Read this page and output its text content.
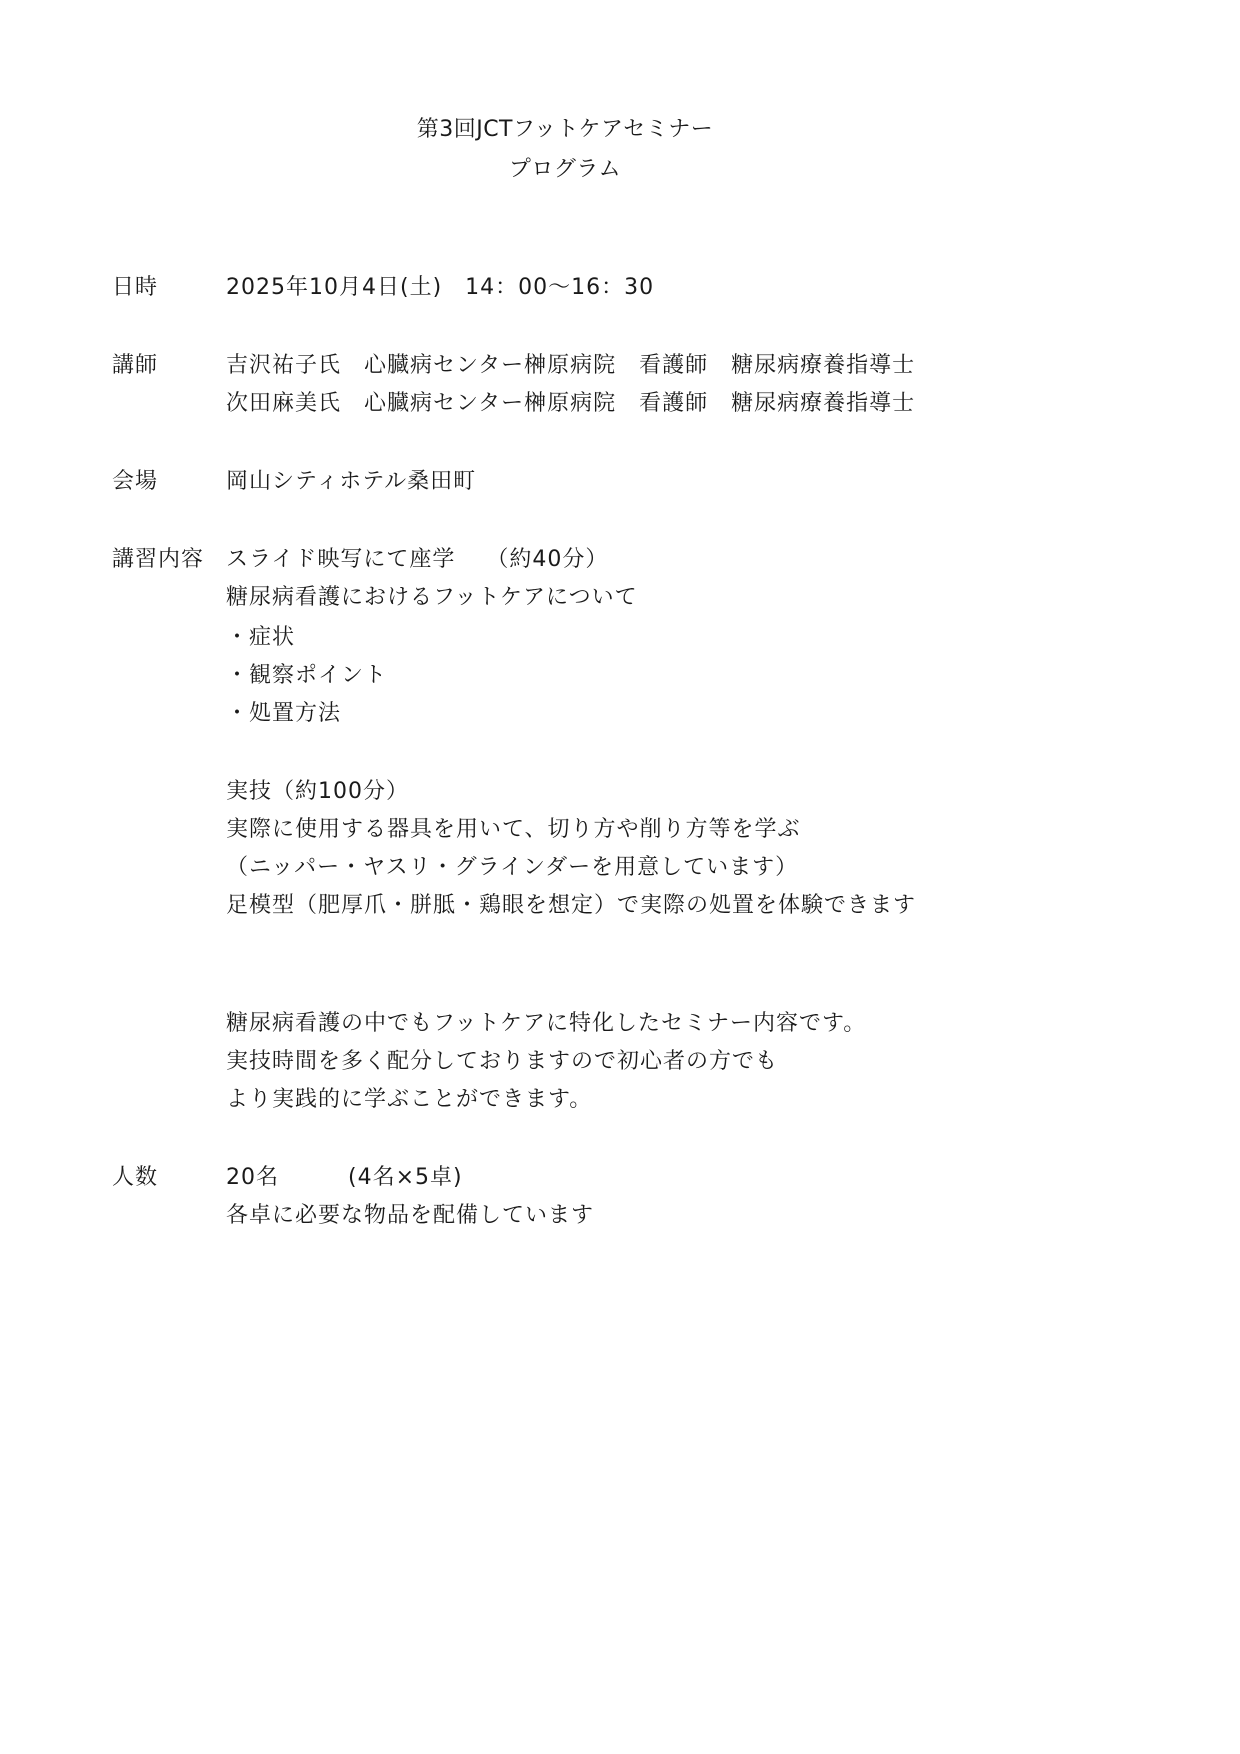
第3回JCTフットケアセミナー
プログラム
日時	2025年10月4日(土)　14：00〜16：30
講師	吉沢祐子氏　心臓病センター榊原病院　看護師　糖尿病療養指導士
次田麻美氏　心臓病センター榊原病院　看護師　糖尿病療養指導士
会場	岡山シティホテル桑田町
講習内容 スライド映写にて座学　 （約40分）
糖尿病看護におけるフットケアについて
・症状
・観察ポイント
・処置方法
実技（約100分）
実際に使用する器具を用いて、切り方や削り方等を学ぶ
（ニッパー・ヤスリ・グラインダーを用意しています）
足模型（肥厚爪・胼胝・鶏眼を想定）で実際の処置を体験できます
糖尿病看護の中でもフットケアに特化したセミナー内容です。
実技時間を多く配分しておりますので初心者の方でも
より実践的に学ぶことができます。
人数	20名　　　(4名×5卓)
各卓に必要な物品を配備しています
